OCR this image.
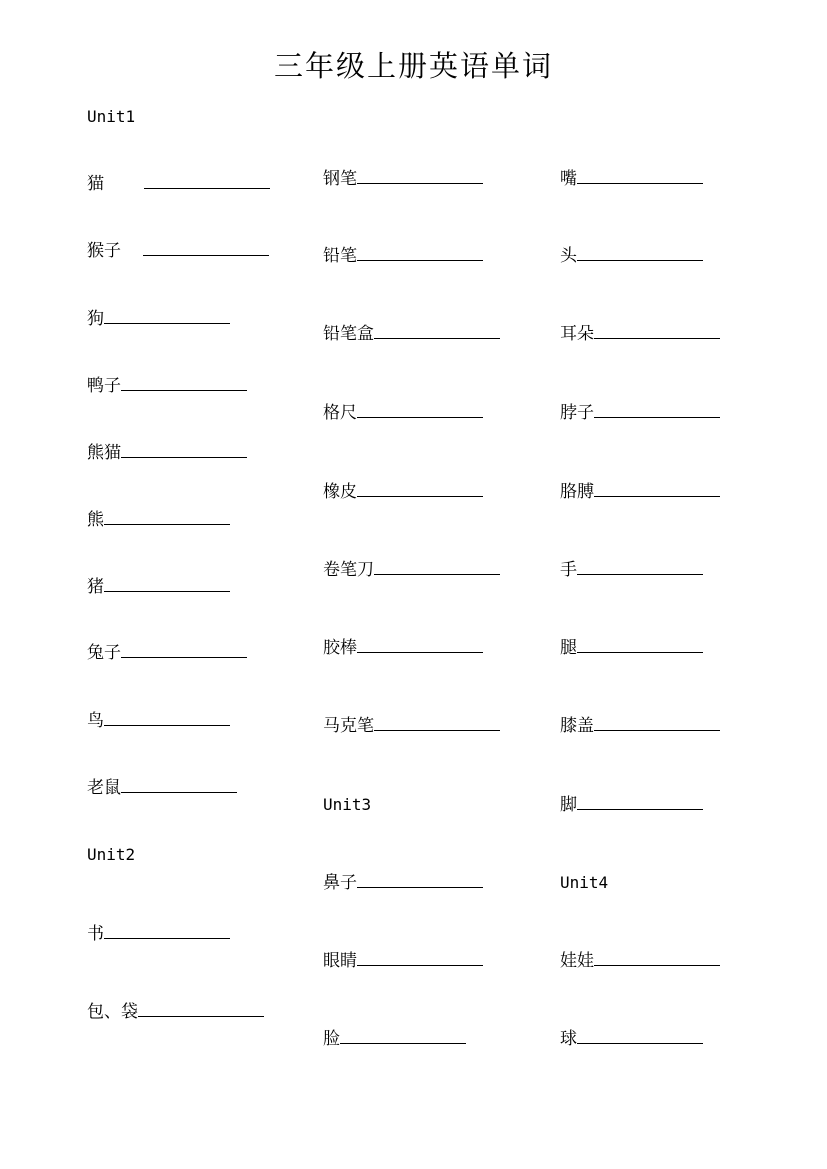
三年级上册英语单词
Unit1
猫
猴子
狗
鸭子
熊猫
熊
猪
兔子
鸟
老鼠
Unit2
书
包、袋
钢笔
铅笔
铅笔盒
格尺
橡皮
卷笔刀
胶棒
马克笔
Unit3
鼻子
眼睛
脸
嘴
头
耳朵
脖子
胳膊
手
腿
膝盖
脚
Unit4
娃娃
球
